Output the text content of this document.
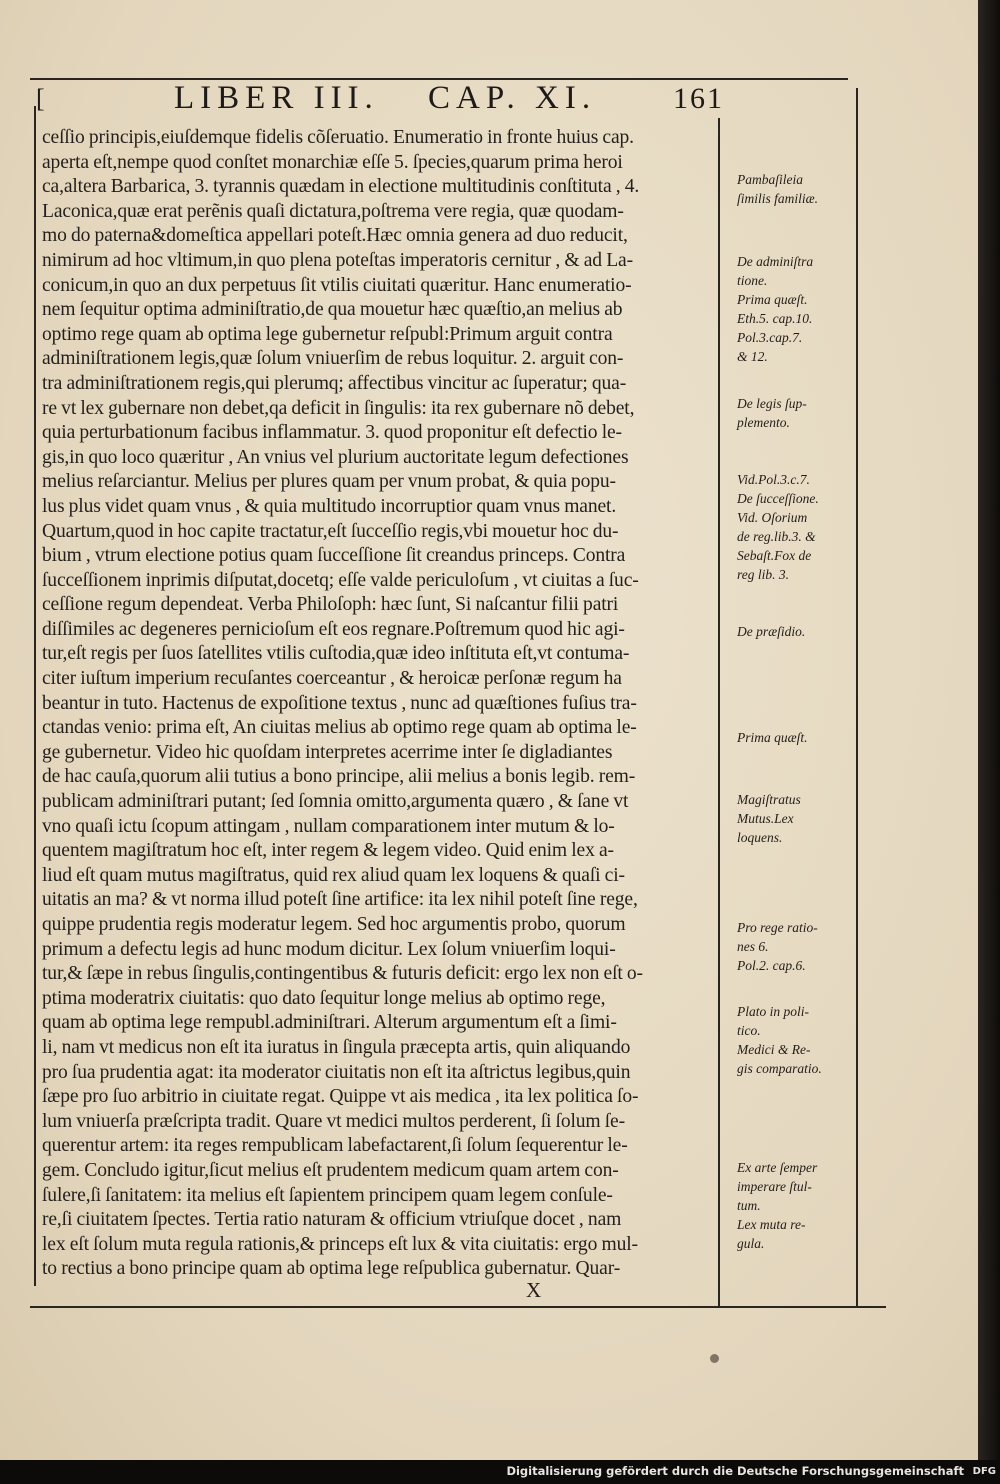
[	LIBER III. CAP. XI.	161
ceſſio principis,eiuſdemque fidelis cõſeruatio. Enumeratio in fronte huius cap.
aperta eſt,nempe quod conſtet monarchiæ eſſe 5. ſpecies,quarum prima heroi
ca,altera Barbarica, 3. tyrannis quædam in electione multitudinis conſtituta , 4.
Laconica,quæ erat perẽnis quaſi dictatura,poſtrema vere regia, quæ quodam-
mo do paterna&domeſtica appellari poteſt.Hæc omnia genera ad duo reducit,
nimirum ad hoc vltimum,in quo plena poteſtas imperatoris cernitur , & ad La-
conicum,in quo an dux perpetuus ſit vtilis ciuitati quæritur. Hanc enumeratio-
nem ſequitur optima adminiſtratio,de qua mouetur hæc quæſtio,an melius ab
optimo rege quam ab optima lege gubernetur reſpubl:Primum arguit contra
adminiſtrationem legis,quæ ſolum vniuerſim de rebus loquitur. 2. arguit con-
tra adminiſtrationem regis,qui plerumq; affectibus vincitur ac ſuperatur; qua-
re vt lex gubernare non debet,qa deficit in ſingulis: ita rex gubernare nõ debet,
quia perturbationum facibus inflammatur. 3. quod proponitur eſt defectio le-
gis,in quo loco quæritur , An vnius vel plurium auctoritate legum defectiones
melius reſarciantur. Melius per plures quam per vnum probat, & quia popu-
lus plus videt quam vnus , & quia multitudo incorruptior quam vnus manet.
Quartum,quod in hoc capite tractatur,eſt ſucceſſio regis,vbi mouetur hoc du-
bium , vtrum electione potius quam ſucceſſione ſit creandus princeps. Contra
ſucceſſionem inprimis diſputat,docetq; eſſe valde periculoſum , vt ciuitas a ſuc-
ceſſione regum dependeat. Verba Philoſoph: hæc ſunt, Si naſcantur filii patri
diſſimiles ac degeneres pernicioſum eſt eos regnare.Poſtremum quod hic agi-
tur,eſt regis per ſuos ſatellites vtilis cuſtodia,quæ ideo inſtituta eſt,vt contuma-
citer iuſtum imperium recuſantes coerceantur , & heroicæ perſonæ regum ha
beantur in tuto. Hactenus de expoſitione textus , nunc ad quæſtiones fuſius tra-
ctandas venio: prima eſt, An ciuitas melius ab optimo rege quam ab optima le-
ge gubernetur. Video hic quoſdam interpretes acerrime inter ſe digladiantes
de hac cauſa,quorum alii tutius a bono principe, alii melius a bonis legib. rem-
publicam adminiſtrari putant; ſed ſomnia omitto,argumenta quæro , & ſane vt
vno quaſi ictu ſcopum attingam , nullam comparationem inter mutum & lo-
quentem magiſtratum hoc eſt, inter regem & legem video. Quid enim lex a-
liud eſt quam mutus magiſtratus, quid rex aliud quam lex loquens & quaſi ci-
uitatis an ma? & vt norma illud poteſt ſine artifice: ita lex nihil poteſt ſine rege,
quippe prudentia regis moderatur legem. Sed hoc argumentis probo, quorum
primum a defectu legis ad hunc modum dicitur. Lex ſolum vniuerſim loqui-
tur,& ſæpe in rebus ſingulis,contingentibus & futuris deficit: ergo lex non eſt o-
ptima moderatrix ciuitatis: quo dato ſequitur longe melius ab optimo rege,
quam ab optima lege rempubl.adminiſtrari. Alterum argumentum eſt a ſimi-
li, nam vt medicus non eſt ita iuratus in ſingula præcepta artis, quin aliquando
pro ſua prudentia agat: ita moderator ciuitatis non eſt ita aſtrictus legibus,quin
ſæpe pro ſuo arbitrio in ciuitate regat. Quippe vt ais medica , ita lex politica ſo-
lum vniuerſa præſcripta tradit. Quare vt medici multos perderent, ſi ſolum ſe-
querentur artem: ita reges rempublicam labefactarent,ſi ſolum ſequerentur le-
gem. Concludo igitur,ſicut melius eſt prudentem medicum quam artem con-
ſulere,ſi ſanitatem: ita melius eſt ſapientem principem quam legem conſule-
re,ſi ciuitatem ſpectes. Tertia ratio naturam & officium vtriuſque docet , nam
lex eſt ſolum muta regula rationis,& princeps eſt lux & vita ciuitatis: ergo mul-
to rectius a bono principe quam ab optima lege reſpublica gubernatur. Quar-
X
Pambaſileia
ſimilis familiæ.
De adminiſtra
tione.
Prima quæſt.
Eth.5. cap.10.
Pol.3.cap.7.
& 12.
De legis ſup-
plemento.
Vid.Pol.3.c.7.
De ſucceſſione.
Vid. Oſorium
de reg.lib.3. &
Sebaſt.Fox de
reg lib. 3.
De præſidio.
Prima quæſt.
Magiſtratus
Mutus.Lex
loquens.
Pro rege ratio-
nes 6.
Pol.2. cap.6.
Plato in poli-
tico.
Medici & Re-
gis comparatio.
Ex arte ſemper
imperare ſtul-
tum.
Lex muta re-
gula.
Digitalisierung gefördert durch die Deutsche Forschungsgemeinschaft DFG
